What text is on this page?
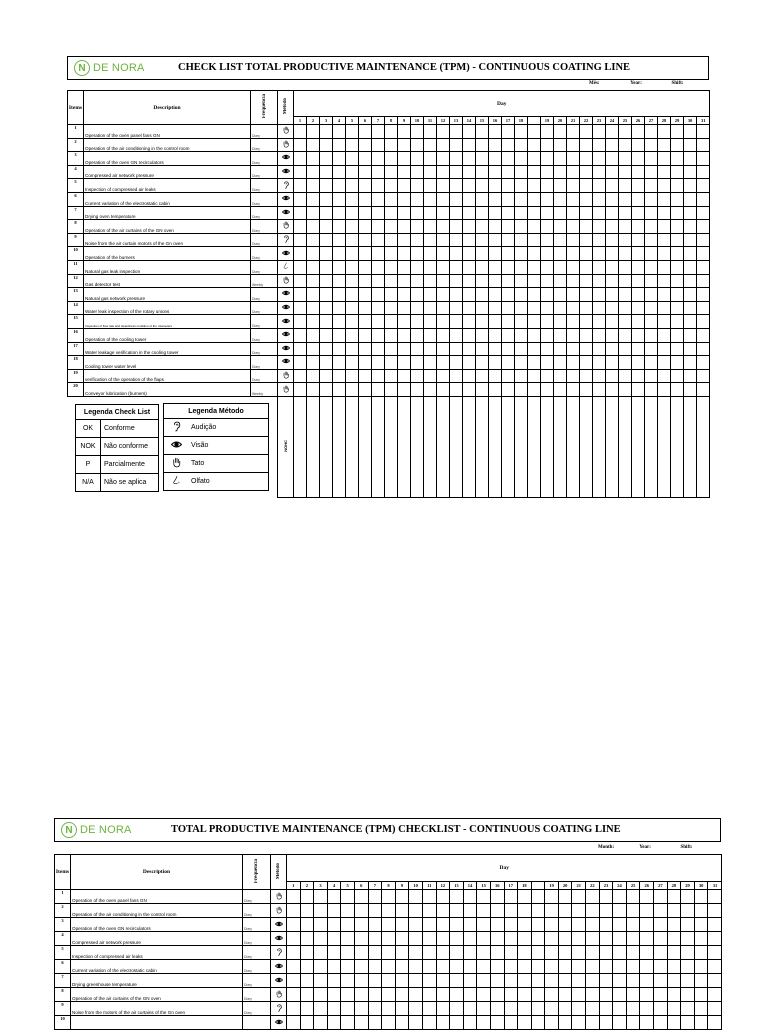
N DE NORA	CHECK LIST TOTAL PRODUCTIVE MAINTENANCE (TPM) - CONTINUOUS COATING LINE
Mês:	Year:	Shift:
Items	Description	Frequência	Método	Day																															
				1	2	3	4	5	6	7	8	9	10	11	12	13	14	15	16	17	18		19	20	21	22	23	24	25	26	27	28	29	30	31
1	Operation of the oven panel fans GN	Diary	

2	Operation of the air conditioning in the control room	Diary	

3	Operation of the oven GN recirculators	Diary	

4	Compressed air network pressure	Diary	

5	Inspection of compressed air leaks	Diary	

6	Current variation of the electrostatic cabin	Diary	

7	Drying oven temperature	Diary	

8	Operation of the air curtains of the GN oven	Diary	

9	Noise from the air curtain motors of the Gn oven	Diary	

10	Operation of the burners	Diary	

11	Natural gas leak inspection	Diary	

12	Gas detector test	Weekly	

13	Natural gas network pressure	Diary	

14	Water leak inspection of the rotary unions	Diary	

15	Inspection of flow rate and cleanliness condition of the rotameters	Diary	

16	Operation of the cooling tower	Diary	

17	Water leakage verification in the cooling tower	Diary	

18	Cooling tower water level	Diary	

19	verification of the operation of the flaps	Diary	

20	Conveyor lubrication (burners)	Weekly	

			NOHC																																
Legenda Check List	
OK	Conforme
NOK	Não conforme
P	Parcialmente
N/A	Não se aplica
Legenda Método	

	Audição

	Visão

	Tato

	Olfato
N DE NORA	TOTAL PRODUCTIVE MAINTENANCE (TPM) CHECKLIST - CONTINUOUS COATING LINE
Month:	Year:	Shift:
Items	Description	Frequência	Método	Day																															
				1	2	3	4	5	6	7	8	9	10	11	12	13	14	15	16	17	18		19	20	21	22	23	24	25	26	27	28	29	30	31
1	Operation of the oven panel fans GN	Diary	

2	Operation of the air conditioning in the control room	Diary	

3	Operation of the oven GN recirculators	Diary	

4	Compressed air network pressure	Diary	

5	Inspection of compressed air leaks	Diary	

6	Current variation of the electrostatic cabin	Diary	

7	Drying greenhouse temperature	Diary	

8	Operation of the air curtains of the GN oven	Diary	

9	Noise from the motors of the air curtains of the Gn oven	Diary	

10			
